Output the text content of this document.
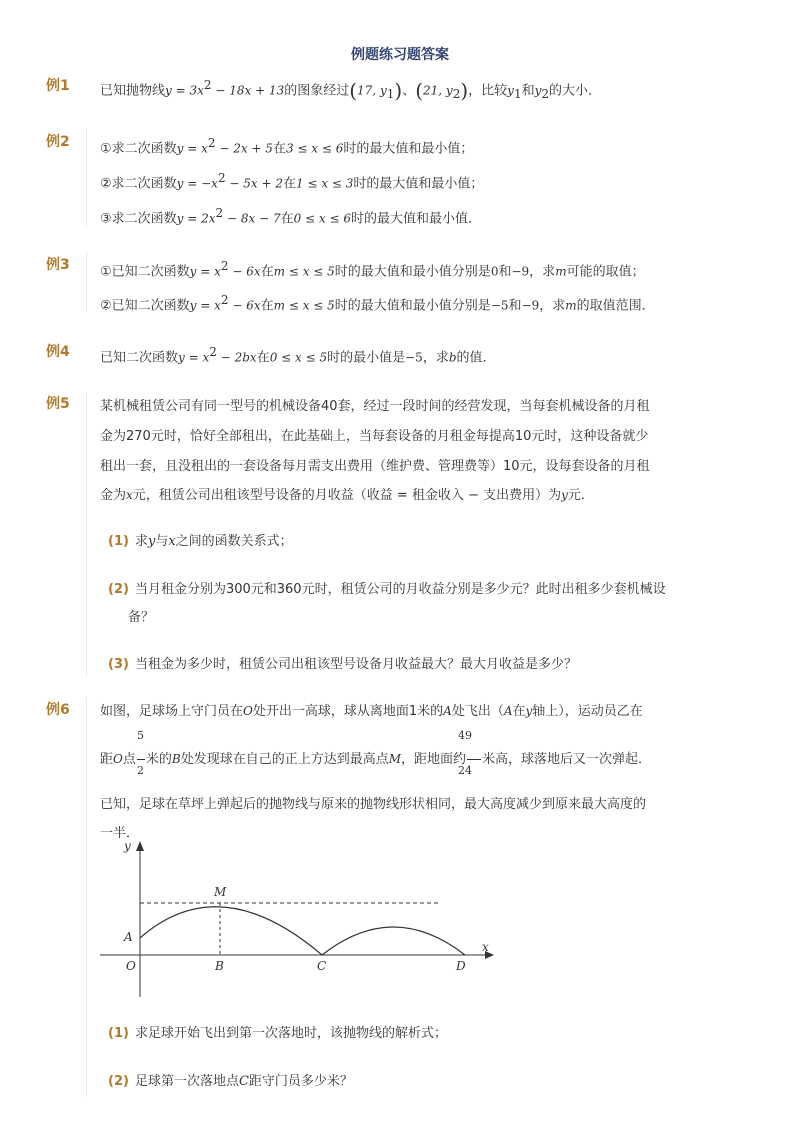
例题练习题答案
例1 已知抛物线$y = 3x^2 - 18x + 13$的图象经过(17, $y_1$)、(21, $y_2$)，比较$y_1$和$y_2$的大小．
例2 ①求二次函数$y = x^2 - 2x + 5$在3 ≤ x ≤ 6时的最大值和最小值；
②求二次函数$y = -x^2 - 5x + 2$在1 ≤ x ≤ 3时的最大值和最小值；
③求二次函数$y = 2x^2 - 8x - 7$在0 ≤ x ≤ 6时的最大值和最小值．
例3 ①已知二次函数$y = x^2 - 6x$在m ≤ x ≤ 5时的最大值和最小值分别是0和−9，求m可能的取值；
②已知二次函数$y = x^2 - 6x$在m ≤ x ≤ 5时的最大值和最小值分别是−5和−9，求m的取值范围．
例4 已知二次函数$y = x^2 - 2bx$在0 ≤ x ≤ 5时的最小值是−5，求b的值．
例5 某机械租赁公司有同一型号的机械设备40套，经过一段时间的经营发现，当每套机械设备的月租
金为270元时，恰好全部租出，在此基础上，当每套设备的月租金每提高10元时，这种设备就少
租出一套，且没租出的一套设备每月需支出费用（维护费、管理费等）10元，设每套设备的月租
金为x元，租赁公司出租该型号设备的月收益（收益 = 租金收入 − 支出费用）为y元．
(1) 求y与x之间的函数关系式；
(2) 当月租金分别为300元和360元时，租赁公司的月收益分别是多少元？此时出租多少套机械设
备？
(3) 当租金为多少时，租赁公司出租该型号设备月收益最大？最大月收益是多少？
例6 如图，足球场上守门员在O处开出一高球，球从离地面1米的A处飞出（A在y轴上），运动员乙在
5
2
49
24
距O点 米的B处发现球在自己的正上方达到最高点M，距地面约 米高，球落地后又一次弹起．
已知，足球在草坪上弹起后的抛物线与原来的抛物线形状相同，最大高度减少到原来最大高度的
一半．
y
x
M
A
O	B	C	D
(1) 求足球开始飞出到第一次落地时，该抛物线的解析式；
(2) 足球第一次落地点C距守门员多少米？
